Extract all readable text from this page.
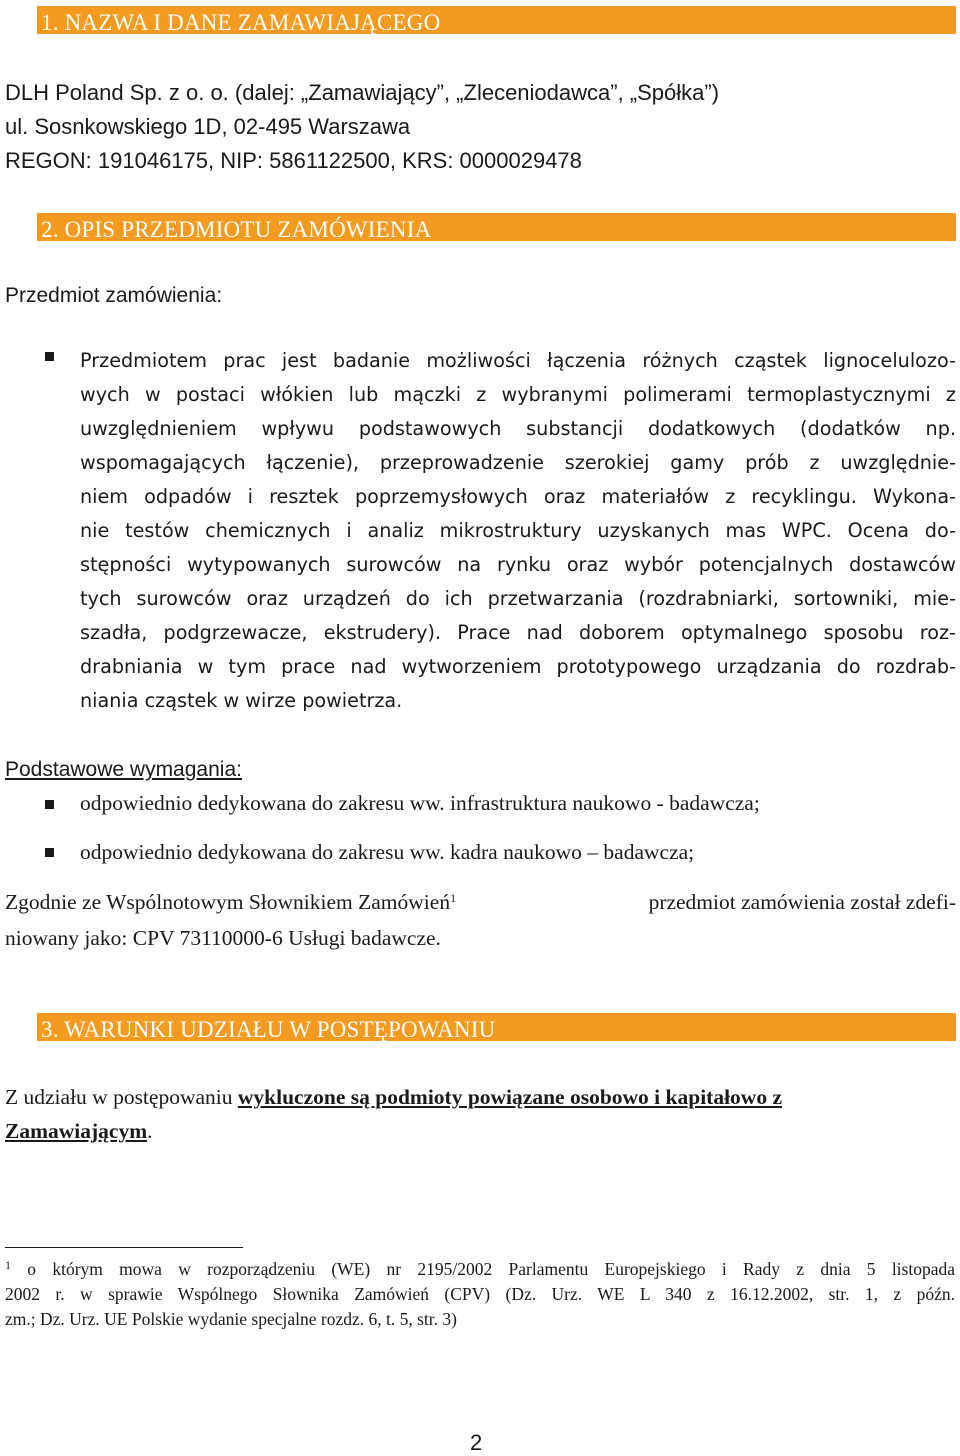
1. NAZWA I DANE ZAMAWIAJĄCEGO
DLH Poland Sp. z o. o. (dalej: „Zamawiający”, „Zleceniodawca”, „Spółka”)
ul. Sosnkowskiego 1D, 02-495 Warszawa
REGON: 191046175, NIP: 5861122500, KRS: 0000029478
2. OPIS PRZEDMIOTU ZAMÓWIENIA
Przedmiot zamówienia:
Przedmiotem prac jest badanie możliwości łączenia różnych cząstek lignocelulozo-
wych w postaci włókien lub mączki z wybranymi polimerami termoplastycznymi z
uwzględnieniem wpływu podstawowych substancji dodatkowych (dodatków np.
wspomagających łączenie), przeprowadzenie szerokiej gamy prób z uwzględnie-
niem odpadów i resztek poprzemysłowych oraz materiałów z recyklingu. Wykona-
nie testów chemicznych i analiz mikrostruktury uzyskanych mas WPC. Ocena do-
stępności wytypowanych surowców na rynku oraz wybór potencjalnych dostawców
tych surowców oraz urządzeń do ich przetwarzania (rozdrabniarki, sortowniki, mie-
szadła, podgrzewacze, ekstrudery). Prace nad doborem optymalnego sposobu roz-
drabniania w tym prace nad wytworzeniem prototypowego urządzania do rozdrab-
niania cząstek w wirze powietrza.
Podstawowe wymagania:
odpowiednio dedykowana do zakresu ww. infrastruktura naukowo - badawcza;
odpowiednio dedykowana do zakresu ww. kadra naukowo – badawcza;
Zgodnie ze Wspólnotowym Słownikiem Zamówień$^1$	przedmiot zamówienia został zdefi-
niowany jako: CPV 73110000-6 Usługi badawcze.
3. WARUNKI UDZIAŁU W POSTĘPOWANIU
Z udziału w postępowaniu wykluczone są podmioty powiązane osobowo i kapitałowo z
Zamawiającym.
$^1$ o którym mowa w rozporządzeniu (WE) nr 2195/2002 Parlamentu Europejskiego i Rady z dnia 5 listopada
2002 r. w sprawie Wspólnego Słownika Zamówień (CPV) (Dz. Urz. WE L 340 z 16.12.2002, str. 1, z późn.
zm.; Dz. Urz. UE Polskie wydanie specjalne rozdz. 6, t. 5, str. 3)
2
